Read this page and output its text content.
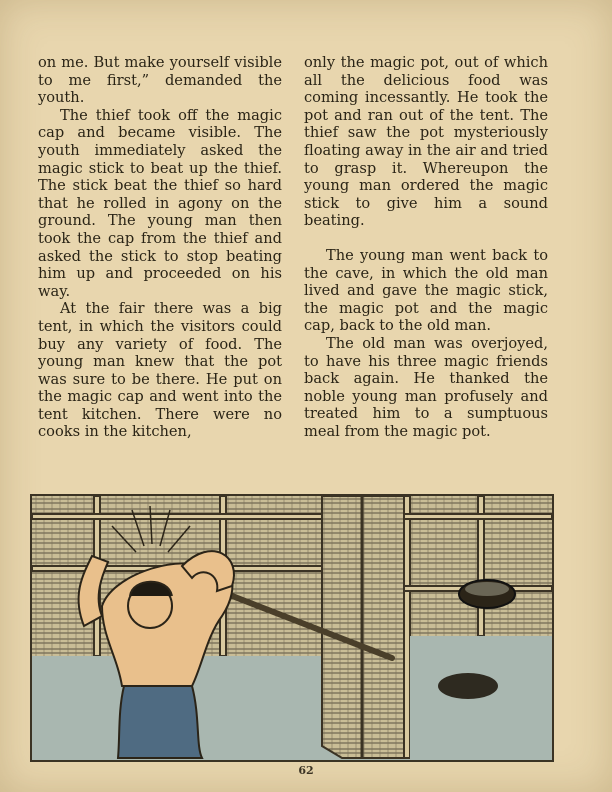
on me. But make yourself visible to me first,” demanded the youth.

The thief took off the magic cap and became visible. The youth immediately asked the magic stick to beat up the thief. The stick beat the thief so hard that he rolled in agony on the ground. The young man then took the cap from the thief and asked the stick to stop beating him up and proceeded on his way.

At the fair there was a big tent, in which the visitors could buy any variety of food. The young man knew that the pot was sure to be there. He put on the magic cap and went into the tent kitchen. There were no cooks in the kitchen,

only the magic pot, out of which all the delicious food was coming incessantly. He took the pot and ran out of the tent. The thief saw the pot mysteriously floating away in the air and tried to grasp it. Whereupon the young man ordered the magic stick to give him a sound beating.

The young man went back to the cave, in which the old man lived and gave the magic stick, the magic pot and the magic cap, back to the old man.

The old man was overjoyed, to have his three magic friends back again. He thanked the noble young man profusely and treated him to a sumptuous meal from the magic pot.

62
